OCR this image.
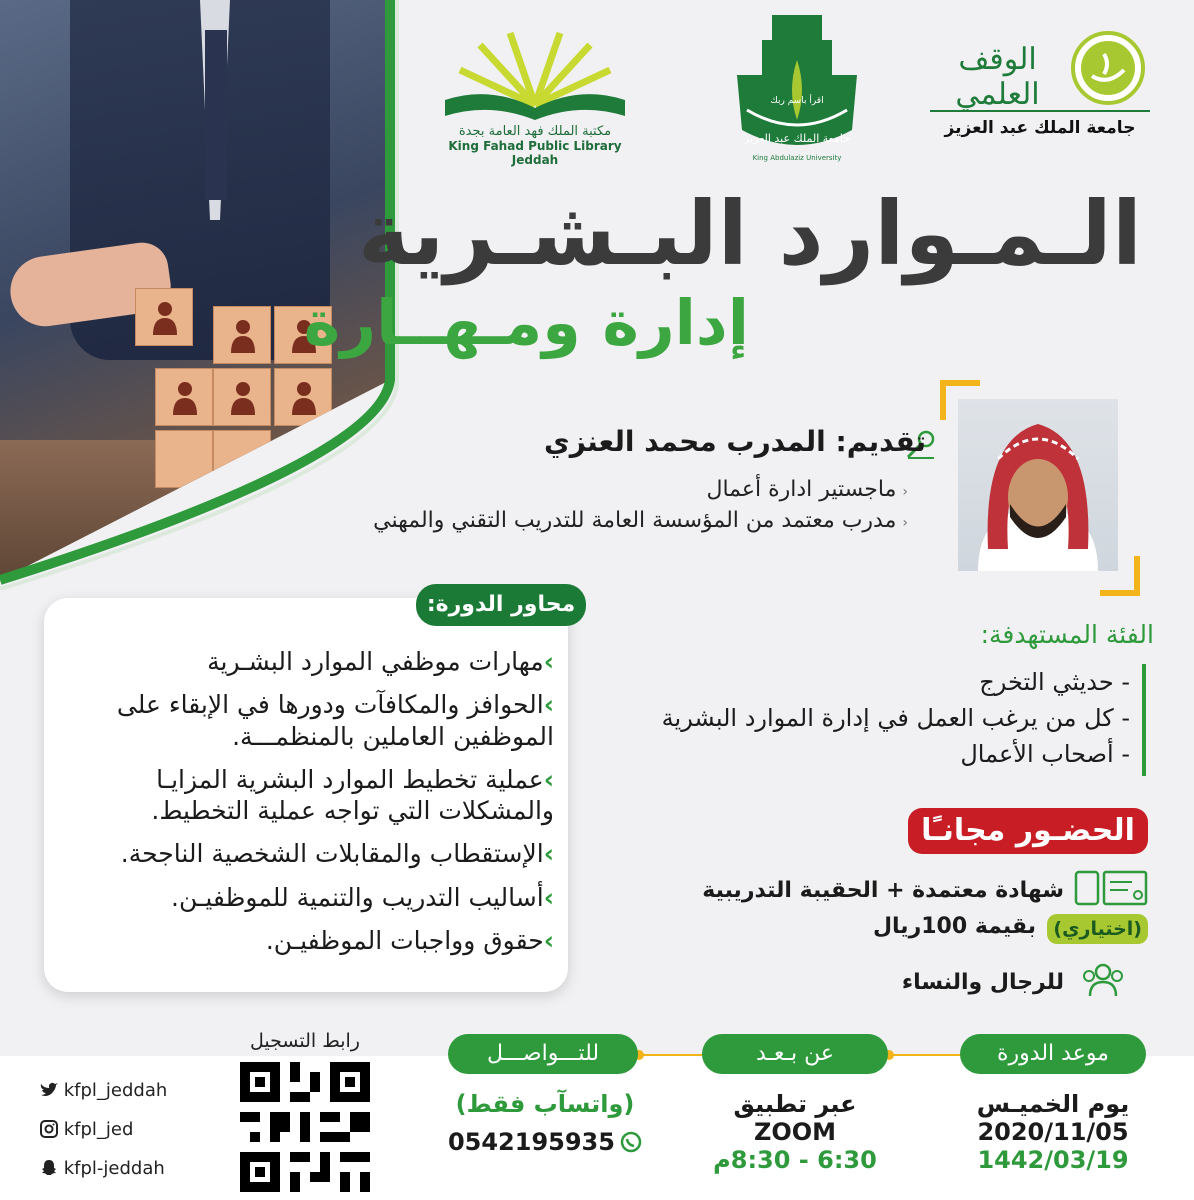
مكتبة الملك فهد العامة بجدة
King Fahad Public Library Jeddah
جامعة الملك عبد العزيز
اقرأ باسم ربك
King Abdulaziz University
الوقف العلمي
جامعة الملك عبد العزيز
الـمـوارد البـشـرية
إدارة ومـهــارة
تقديم: المدرب محمد العنزي
‹ماجستير ادارة أعمال
‹مدرب معتمد من المؤسسة العامة للتدريب التقني والمهني
محاور الدورة:
›مهارات موظفي الموارد البشـرية
›الحوافز والمكافآت ودورها في الإبقاء على الموظفين العاملين بالمنظمـــة.
›عملية تخطيط الموارد البشرية المزايـا والمشكلات التي تواجه عملية التخطيط.
›الإستقطاب والمقابلات الشخصية الناجحة.
›أساليب التدريب والتنمية للموظفيـن.
›حقوق وواجبات الموظفيـن.
الفئة المستهدفة:
- حديثي التخرج
- كل من يرغب العمل في إدارة الموارد البشرية
- أصحاب الأعمال
الحضـور مجانـًا
شهادة معتمدة + الحقيبة التدريبية
(اختياري)
بقيمة 100ريال
للرجال والنساء
موعد الدورة
يوم الخميـس
2020/11/05
1442/03/19
عن بـعـد
عبر تطبيق
ZOOM
6:30 - 8:30م
للتـــواصـــل
(واتسآب فقط)
0542195935
رابط التسجيل
kfpl_jeddah
kfpl_jed
kfpl-jeddah
